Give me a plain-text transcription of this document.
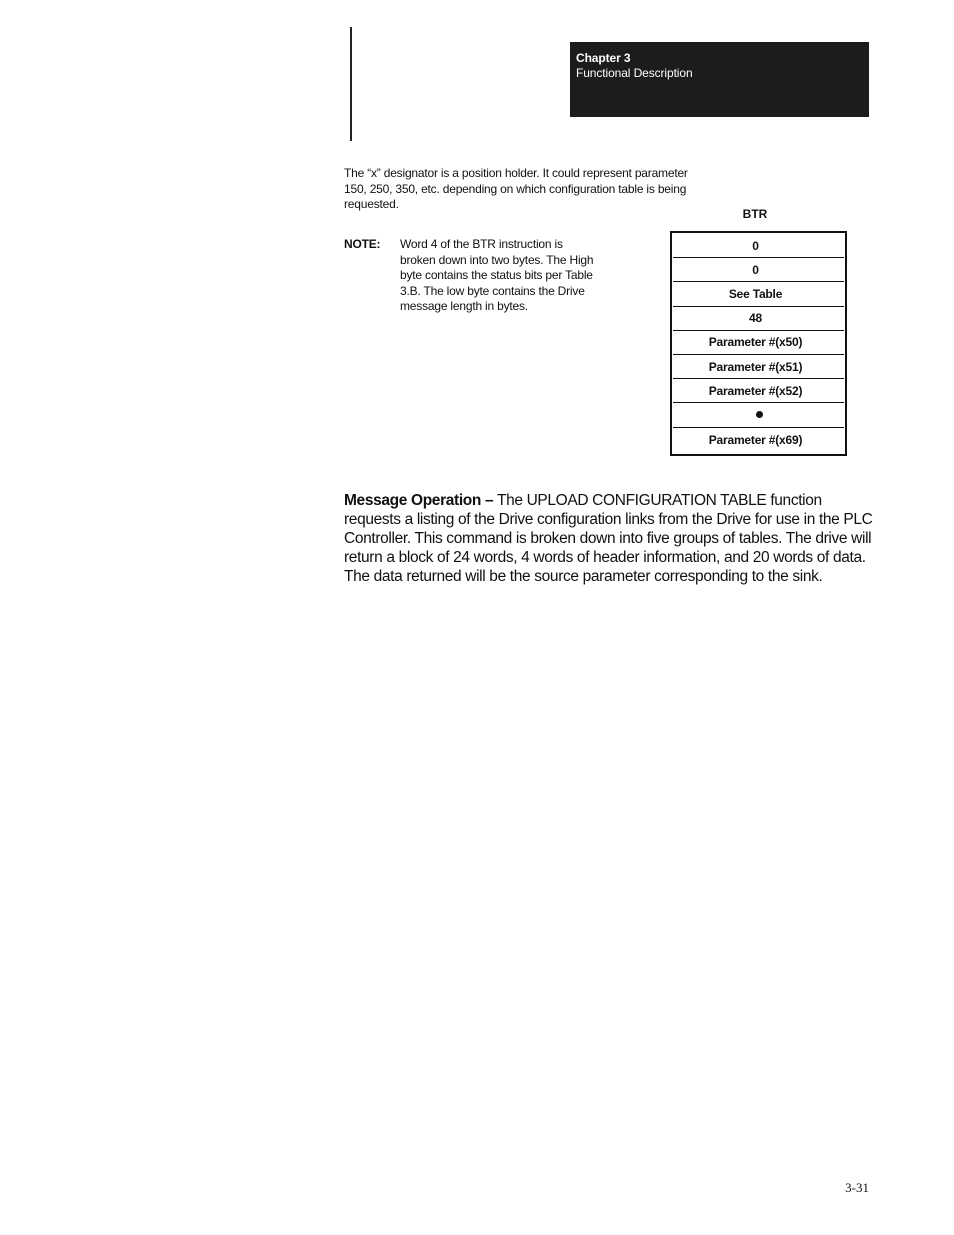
Chapter 3
Functional Description
The “x” designator is a position holder. It could represent parameter
150, 250, 350, etc. depending on which configuration table is being
requested.
NOTE: Word 4 of the BTR instruction is
broken down into two bytes. The High
byte contains the status bits per Table
3.B. The low byte contains the Drive
message length in bytes.
BTR
0
0
See Table
48
Parameter #(x50)
Parameter #(x51)
Parameter #(x52)
Parameter #(x69)
Message Operation – The UPLOAD CONFIGURATION TABLE function
requests a listing of the Drive configuration links from the Drive for use in the PLC
Controller. This command is broken down into five groups of tables. The drive will
return a block of 24 words, 4 words of header information, and 20 words of data.
The data returned will be the source parameter corresponding to the sink.
3-31
